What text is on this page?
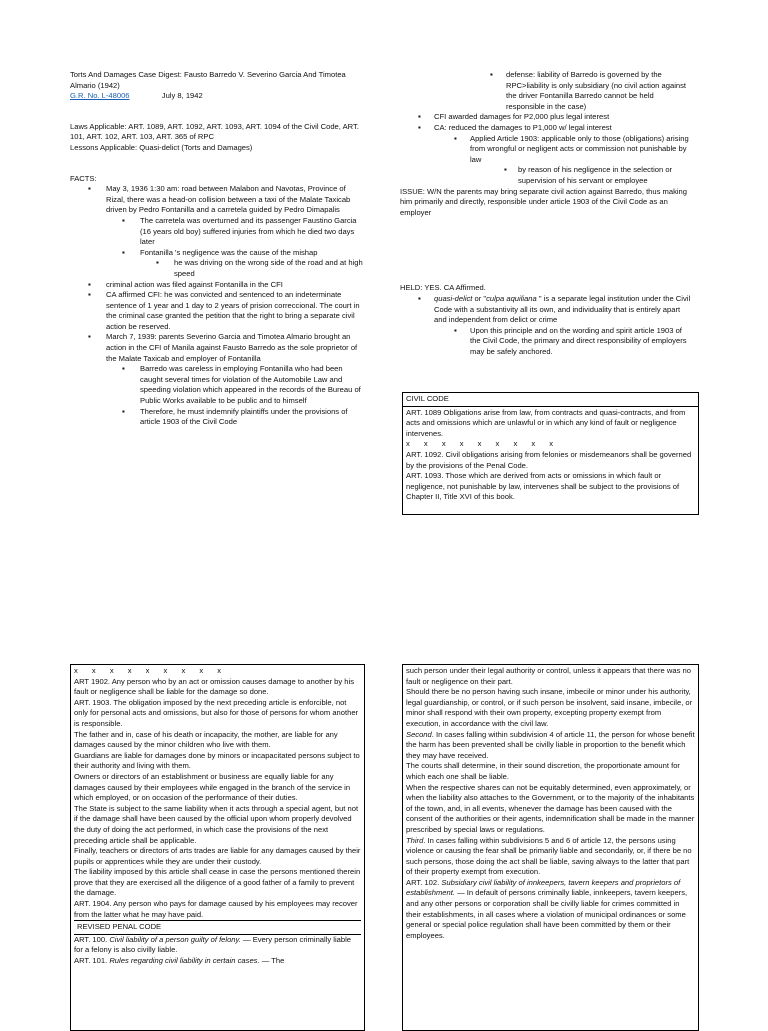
Torts And Damages Case Digest: Fausto Barredo V. Severino Garcia And Timotea Almario (1942)

G.R. No. L-48006	July 8, 1942

Laws Applicable: ART. 1089, ART. 1092, ART. 1093, ART. 1094 of the Civil Code, ART. 101, ART. 102, ART. 103, ART. 365 of RPC

Lessons Applicable: Quasi-delict (Torts and Damages)

FACTS:

▪ May 3, 1936 1:30 am: road between Malabon and Navotas, Province of Rizal, there was a head-on collision between a taxi of the Malate Taxicab driven by Pedro Fontanilla and a carretela guided by Pedro Dimapalis
▪ The carretela was overturned and its passenger Faustino Garcia (16 years old boy) suffered injuries from which he died two days later
▪ Fontanilla 's negligence was the cause of the mishap
▪ he was driving on the wrong side of the road and at high speed
▪ criminal action was filed against Fontanilla in the CFI
▪ CA affirmed CFI: he was convicted and sentenced to an indeterminate sentence of 1 year and 1 day to 2 years of prision correccional. The court in the criminal case granted the petition that the right to bring a separate civil action be reserved.
▪ March 7, 1939: parents Severino Garcia and Timotea Almario brought an action in the CFI of Manila against Fausto Barredo as the sole proprietor of the Malate Taxicab and employer of Fontanilla
▪ Barredo was careless in employing Fontanilla who had been caught several times for violation of the Automobile Law and speeding violation which appeared in the records of the Bureau of Public Works available to be public and to himself
▪ Therefore, he must indemnify plaintiffs under the provisions of article 1903 of the Civil Code
▪ defense: liability of Barredo is governed by the RPC>liability is only subsidiary (no civil action against the driver Fontanilla Barredo cannot be held responsible in the case)
▪ CFI awarded damages for P2,000 plus legal interest
▪ CA: reduced the damages to P1,000 w/ legal interest
▪ Applied Article 1903: applicable only to those (obligations) arising from wrongful or negligent acts or commission not punishable by law
▪ by reason of his negligence in the selection or supervision of his servant or employee

ISSUE: W/N the parents may bring separate civil action against Barredo, thus making him primarily and directly, responsible under article 1903 of the Civil Code as an employer

HELD: YES. CA Affirmed.

▪ quasi-delict or "culpa aquiliana " is a separate legal institution under the Civil Code with a substantivity all its own, and individuality that is entirely apart and independent from delict or crime
▪ Upon this principle and on the wording and spirit article 1903 of the Civil Code, the primary and direct responsibility of employers may be safely anchored.
CIVIL CODE

ART. 1089 Obligations arise from law, from contracts and quasi-contracts, and from acts and omissions which are unlawful or in which any kind of fault or negligence intervenes.

x x x x x x x x x

ART. 1092. Civil obligations arising from felonies or misdemeanors shall be governed by the provisions of the Penal Code.

ART. 1093. Those which are derived from acts or omissions in which fault or negligence, not punishable by law, intervenes shall be subject to the provisions of Chapter II, Title XVI of this book.

x x x x x x x x x

ART 1902. Any person who by an act or omission causes damage to another by his fault or negligence shall be liable for the damage so done.

ART. 1903. The obligation imposed by the next preceding article is enforcible, not only for personal acts and omissions, but also for those of persons for whom another is responsible.

The father and in, case of his death or incapacity, the mother, are liable for any damages caused by the minor children who live with them.

Guardians are liable for damages done by minors or incapacitated persons subject to their authority and living with them.

Owners or directors of an establishment or business are equally liable for any damages caused by their employees while engaged in the branch of the service in which employed, or on occasion of the performance of their duties.

The State is subject to the same liability when it acts through a special agent, but not if the damage shall have been caused by the official upon whom properly devolved the duty of doing the act performed, in which case the provisions of the next preceding article shall be applicable.

Finally, teachers or directors of arts trades are liable for any damages caused by their pupils or apprentices while they are under their custody.

The liability imposed by this article shall cease in case the persons mentioned therein prove that they are exercised all the diligence of a good father of a family to prevent the damage.

ART. 1904. Any person who pays for damage caused by his employees may recover from the latter what he may have paid.

REVISED PENAL CODE

ART. 100. Civil liability of a person guilty of felony. — Every person criminally liable for a felony is also civilly liable.

ART. 101. Rules regarding civil liability in certain cases. — The

such person under their legal authority or control, unless it appears that there was no fault or negligence on their part.

Should there be no person having such insane, imbecile or minor under his authority, legal guardianship, or control, or if such person be insolvent, said insane, imbecile, or minor shall respond with their own property, excepting property exempt from execution, in accordance with the civil law.

Second. In cases falling within subdivision 4 of article 11, the person for whose benefit the harm has been prevented shall be civilly liable in proportion to the benefit which they may have received.

The courts shall determine, in their sound discretion, the proportionate amount for which each one shall be liable.

When the respective shares can not be equitably determined, even approximately, or when the liability also attaches to the Government, or to the majority of the inhabitants of the town, and, in all events, whenever the damage has been caused with the consent of the authorities or their agents, indemnification shall be made in the manner prescribed by special laws or regulations.

Third. In cases falling within subdivisions 5 and 6 of article 12, the persons using violence or causing the fear shall be primarily liable and secondarily, or, if there be no such persons, those doing the act shall be liable, saving always to the latter that part of their property exempt from execution.

ART. 102. Subsidiary civil liability of innkeepers, tavern keepers and proprietors of establishment. — In default of persons criminally liable, innkeepers, tavern keepers, and any other persons or corporation shall be civilly liable for crimes committed in their establishments, in all cases where a violation of municipal ordinances or some general or special police regulation shall have been committed by them or their employees.
